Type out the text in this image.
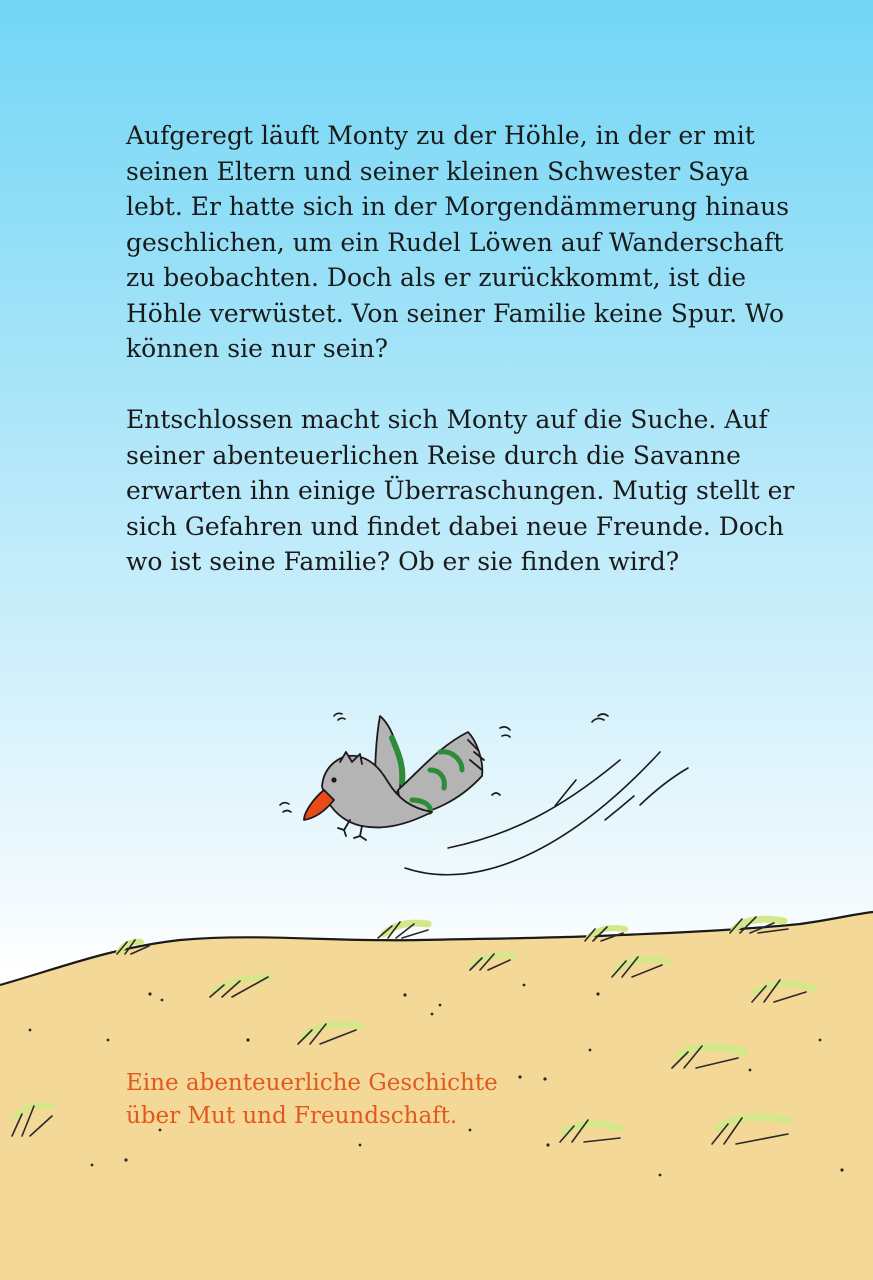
Aufgeregt läuft Monty zu der Höhle, in der er mit seinen Eltern und seiner kleinen Schwester Saya lebt. Er hatte sich in der Morgendämmerung hinaus geschlichen, um ein Rudel Löwen auf Wanderschaft zu beobachten. Doch als er zurückkommt, ist die Höhle verwüstet. Von seiner Familie keine Spur. Wo können sie nur sein?

Entschlossen macht sich Monty auf die Suche. Auf seiner abenteuerlichen Reise durch die Savanne erwarten ihn einige Überraschungen. Mutig stellt er sich Gefahren und findet dabei neue Freunde. Doch wo ist seine Familie? Ob er sie finden wird?

Eine abenteuerliche Geschichte
über Mut und Freundschaft.
